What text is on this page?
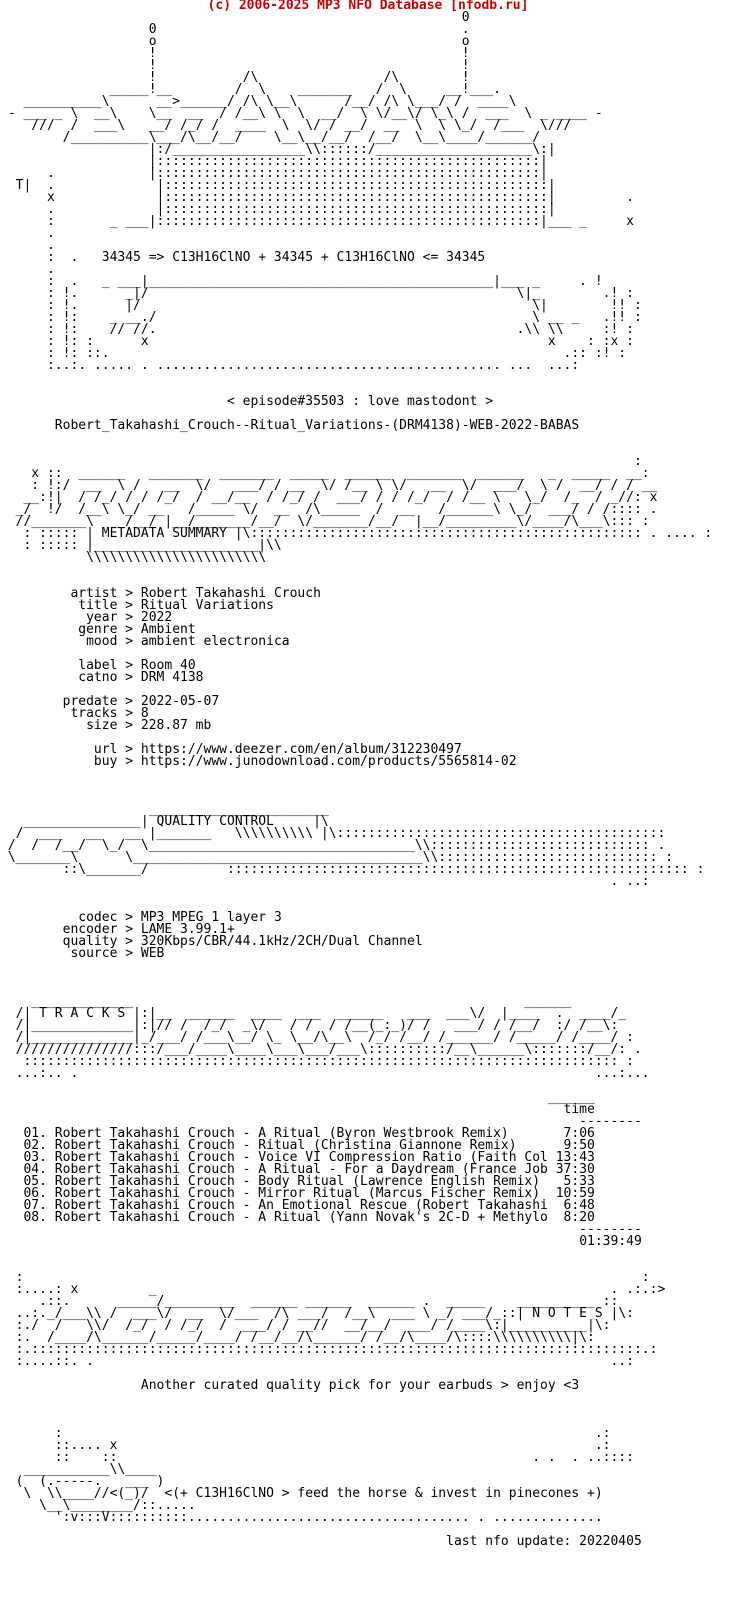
(c) 2006-2025 MP3 NFO Database [nfodb.ru]

0
0                                       .
o                                       o
!                                       !
!                                       !
!           /\                /\        !
_____!__        /  \    _______   /  \     __!___.
__________\      __>______/ /\ \__\      /__/ /\ \___/ /  ____\
- ___ _ \  __\    \__  __  / /__\ \  \  __/  \ \/__\/ \_\ /  ___  \ _ ____ -
///  /  ___\   __/ /_/ /  ____  \  \/ / __/  __  \  \ \_/  /___  \///
/__________\___/\__/__/    \__\__/__/  /__/  \__\____/______/
|:/_________________\\::::::/____________________\:|
|:::::::::::::::::::::::::::::::::::::::::::::::::|
.            |:::::::::::::::::::::::::::::::::::::::::::::::::|
T|  .             |:::::::::::::::::::::::::::::::::::::::::::::::::|
x             |:::::::::::::::::::::::::::::::::::::::::::::::::|         .
.             |:::::::::::::::::::::::::::::::::::::::::::::::::|
:       _ ___|:::::::::::::::::::::::::::::::::::::::::::::::::|___ _     x
.
.
:  .   34345 => C13H16ClNO + 34345 + C13H16ClNO <= 34345
.
:  .   _ ___|____________________________________________|___ _     . !
: !.      _|/                                               \|_        .! :
: !.      |/                                                  \|        !! :
: !:    _ __./                                                \ __ _   .!! :
: !:    // //.                                              .\\ \\     :! :
: !: :      x                                                   x    : :x :
: !: ::.                                                          .:: :! :
:..:. ..... . ............................................ ...  ...:

< episode#35503 : love mastodont >

Robert_Takahashi_Crouch--Ritual_Variations-(DRM4138)-WEB-2022-BABAS

:
x ::  ______   _______  _______  _____  ______  _______  ______   _  _____  __:
: !:/  __  \ /   __  \/   ___/ / __  \/ /__ \ \/   __  \/  ___/  \ /  __/ / / __
__:!|  / /_/ / / /_/  / __/__  / /_/ /  ___/ / / /_/  / /__ \   \_/  /_  / _//: x
_/  !/  /__\ \_/ __   /_____ \/  __  /\_____  /  __   /______\ \_/  ___/ / /:::: .
//_______\    /__/ |__/_______/__/  \/_______/__/  |__/_________\/____/\___\::: :
: ::::: | METADATA SUMMARY |\:::::::::::::::::::::::::::::::::::::::::::::::::: . .... :
: ::::: |_____________________|\\
\\\\\\\\\\\\\\\\\\\\\\\

artist > Robert Takahashi Crouch
title > Ritual Variations
year > 2022
genre > Ambient
mood > ambient electronica

label > Room 40
catno > DRM 4138

predate > 2022-05-07
tracks > 8
size > 228.87 mb

url > https://www.deezer.com/en/album/312230497
buy > https://www.junodownload.com/products/5565814-02

_______________________
_______________| QUALITY CONTROL     |\
/  ___   __   __ |_______   \\\\\\\\\\ |\::::::::::::::::::::::::::::::::::::::::::
/  /  /__/  \_/  \__________________________________\\:::::::::::::::::::::::::::: .
\_______\      \_____________________________________\\:::::::::::::::::::::::::::: :
::\_______/          ::::::::::::::::::::::::::::::::::::::::::::::::::::::::::: :
. ..:

codec > MP3 MPEG 1 layer 3
encoder > LAME 3.99.1+
quality > 320Kbps/CBR/44.1kHz/2CH/Dual Channel
source > WEB

_____________                                                  ______
/| T R A C K S |:|__  ______  ____  ___  ______   ___  ___\/  |____  .  ____/_
/|_____________|:|// /  /_/  _\/   / /  / /__(_:_)/ /   ___/ / /__/  :/ /__\:
/|_____________|_/___/ /___\__/ \_ \__/\__\  /_/ /__/ /______/ /_____/ /____/ :
///////////////:::/___/____\____\___\___/___\::::::::::/__\______\:::::::/__/: .
:::::::::::::::::::::::::::::::::::::::::::::::::::::::::::::::::::::::::::: :
...:.. .                                                                  ...:...

______
time
--------
01. Robert Takahashi Crouch - A Ritual (Byron Westbrook Remix)       7:06
02. Robert Takahashi Crouch - Ritual (Christina Giannone Remix)      9:50
03. Robert Takahashi Crouch - Voice VI Compression Ratio (Faith Col 13:43
04. Robert Takahashi Crouch - A Ritual - For a Daydream (France Job 37:30
05. Robert Takahashi Crouch - Body Ritual (Lawrence English Remix)   5:33
06. Robert Takahashi Crouch - Mirror Ritual (Marcus Fischer Remix)  10:59
07. Robert Takahashi Crouch - An Emotional Rescue (Robert Takahashi  6:48
08. Robert Takahashi Crouch - A Ritual (Yann Novak's 2C-D + Methylo  8:20
--------
01:39:49

:                                                                               :
:....: x         _                                                          . .:.:>
.::.      _____/_________  ______ ______  ______ .  _____    __________ ::
..:._/___\\ /  ___\/  __  \/___  /\ ___/  /__\  ___ \ _/ ___/_::| N O T E S |\:
:./  /   \\/  /_/  / /_/  /  ___/ / __//  __/__/  ___/ /____\:|__________|\:
:.  /____/\______/_____/____/ /__/__/\______/ /__/\____/\::::\\\\\\\\\\|\:
:.::::::::::::::::::::::::::::::::::::::::::::::::::::::::::::::::::::::::::::::.:
:....::. .                                                                  ..:

Another curated quality pick for your earbuds > enjoy <3

:                                                                    .:
::.... x                                                             .:
::    ::                                                     . .  . ..::::
___________\\____
(  (.-----.   ___ )
\  \\____//<(_)/  <(+ C13H16ClNO > feed the horse & invest in pinecones +)
\__\________/::.....
':v:::V::::::::::.................................... . ..............

last nfo update: 20220405
